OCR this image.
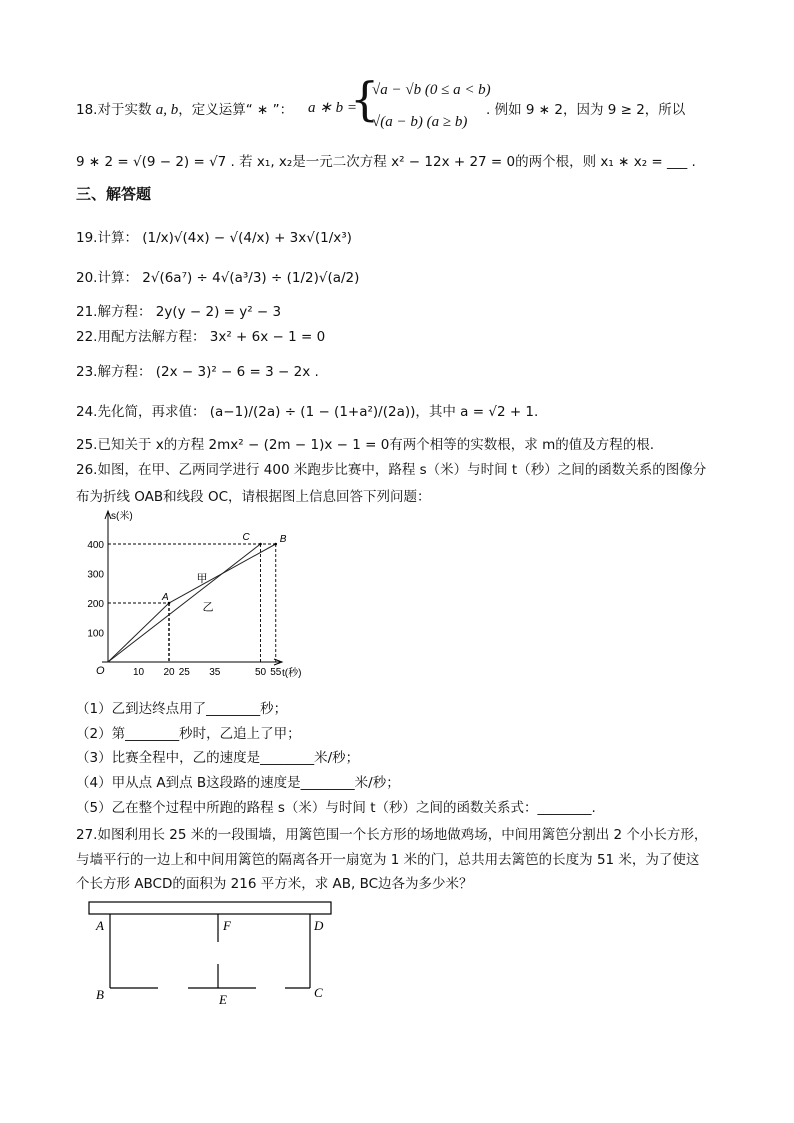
18.对于实数 a, b，定义运算“ ∗ ”： a ∗ b =
{
√a − √b (0 ≤ a < b)
√(a − b) (a ≥ b)
. 例如 9 ∗ 2，因为 9 ≥ 2，所以
9 ∗ 2 = √(9 − 2) = √7 . 若 x₁, x₂是一元二次方程 x² − 12x + 27 = 0的两个根，则 x₁ ∗ x₂ = ___ .
三、解答题
19.计算： (1/x)√(4x) − √(4/x) + 3x√(1/x³)
20.计算： 2√(6a⁷) ÷ 4√(a³/3) ÷ (1/2)√(a/2)
21.解方程： 2y(y − 2) = y² − 3
22.用配方法解方程： 3x² + 6x − 1 = 0
23.解方程： (2x − 3)² − 6 = 3 − 2x .
24.先化简，再求值： (a−1)/(2a) ÷ (1 − (1+a²)/(2a))，其中 a = √2 + 1.
25.已知关于 x的方程 2mx² − (2m − 1)x − 1 = 0有两个相等的实数根，求 m的值及方程的根.
26.如图，在甲、乙两同学进行 400 米跑步比赛中，路程 s（米）与时间 t（秒）之间的函数关系的图像分
布为折线 OAB和线段 OC，请根据图上信息回答下列问题：
s(米)
t(秒)
O
100
200
300
400
10 20 25 35	50 55
A
B
C
甲
乙
（1）乙到达终点用了________秒；
（2）第________秒时，乙追上了甲；
（3）比赛全程中，乙的速度是________米/秒；
（4）甲从点 A到点 B这段路的速度是________米/秒；
（5）乙在整个过程中所跑的路程 s（米）与时间 t（秒）之间的函数关系式：________.
27.如图利用长 25 米的一段围墙，用篱笆围一个长方形的场地做鸡场，中间用篱笆分割出 2 个小长方形，
与墙平行的一边上和中间用篱笆的隔离各开一扇宽为 1 米的门，总共用去篱笆的长度为 51 米，为了使这
个长方形 ABCD的面积为 216 平方米，求 AB, BC边各为多少米？
A	D
F
B	C
E
